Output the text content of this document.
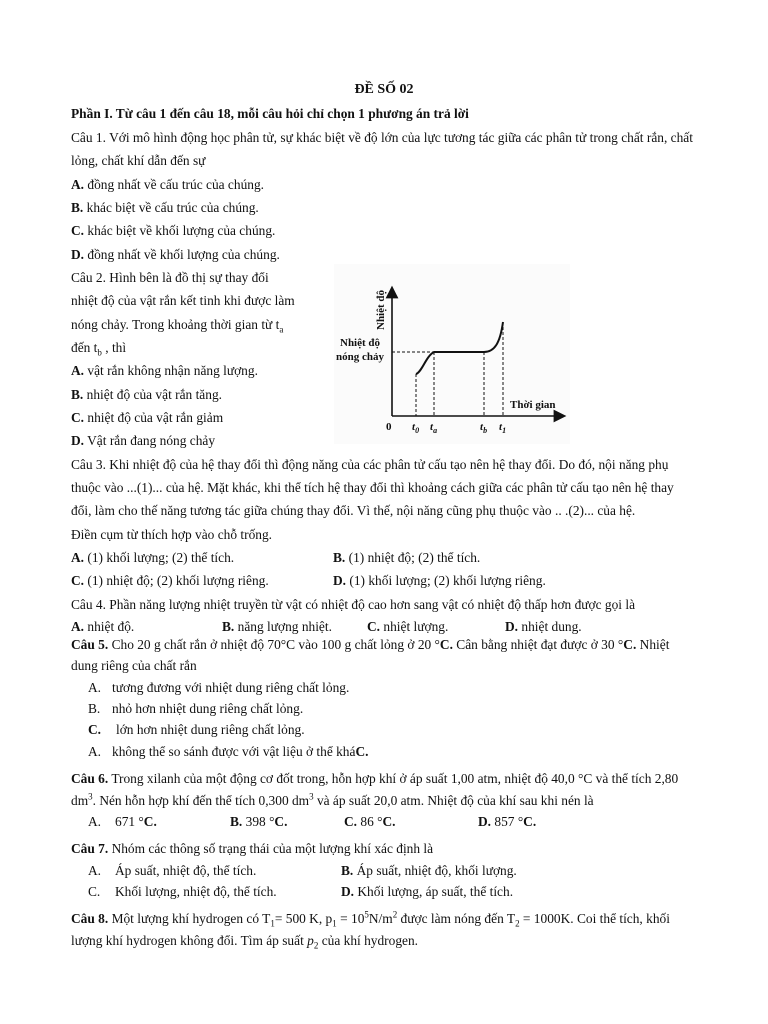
ĐỀ SỐ 02
Phần I. Từ câu 1 đến câu 18, mỗi câu hỏi chỉ chọn 1 phương án trả lời
Câu 1. Với mô hình động học phân tử, sự khác biệt về độ lớn của lực tương tác giữa các phân tử trong chất rắn, chất
lỏng, chất khí dẫn đến sự
A. đồng nhất về cấu trúc của chúng.
B. khác biệt về cấu trúc của chúng.
C. khác biệt về khối lượng của chúng.
D. đồng nhất về khối lượng của chúng.
Câu 2. Hình bên là đồ thị sự thay đổi
nhiệt độ của vật rắn kết tinh khi được làm
nóng chảy. Trong khoảng thời gian từ $t_a$
đến $t_b$ , thì
A. vật rắn không nhận năng lượng.
B. nhiệt độ của vật rắn tăng.
C. nhiệt độ của vật rắn giảm
D. Vật rắn đang nóng chảy
Nhiệt độ
Nhiệt độ
nóng chảy
Thời gian
0 $t_0$ $t_a$	$t_b$ $t_1$
Câu 3. Khi nhiệt độ của hệ thay đổi thì động năng của các phân tử cấu tạo nên hệ thay đổi. Do đó, nội năng phụ
thuộc vào ...(1)... của hệ. Mặt khác, khi thể tích hệ thay đổi thì khoảng cách giữa các phân tử cấu tạo nên hệ thay
đổi, làm cho thế năng tương tác giữa chúng thay đổi. Vì thế, nội năng cũng phụ thuộc vào .. .(2)... của hệ.
Điền cụm từ thích hợp vào chỗ trống.
A. (1) khối lượng; (2) thể tích.	B. (1) nhiệt độ; (2) thể tích.
C. (1) nhiệt độ; (2) khối lượng riêng.	D. (1) khối lượng; (2) khối lượng riêng.
Câu 4. Phần năng lượng nhiệt truyền từ vật có nhiệt độ cao hơn sang vật có nhiệt độ thấp hơn được gọi là
A. nhiệt độ.	B. năng lượng nhiệt.	C. nhiệt lượng.	D. nhiệt dung.
Câu 5. Cho 20 g chất rắn ở nhiệt độ 70°C vào 100 g chất lỏng ở 20 °C. Cân bằng nhiệt đạt được ở 30 °C. Nhiệt
dung riêng của chất rắn
A. tương đương với nhiệt dung riêng chất lỏng.
B. nhỏ hơn nhiệt dung riêng chất lỏng.
C. lớn hơn nhiệt dung riêng chất lỏng.
A. không thể so sánh được với vật liệu ở thể kháC.
Câu 6. Trong xilanh của một động cơ đốt trong, hỗn hợp khí ở áp suất 1,00 atm, nhiệt độ 40,0 °C và thể tích 2,80
$dm^3$. Nén hỗn hợp khí đến thể tích 0,300 $dm^3$ và áp suất 20,0 atm. Nhiệt độ của khí sau khi nén là
A. 671 °C.	B. 398 °C.	C. 86 °C.	D. 857 °C.
Câu 7. Nhóm các thông số trạng thái của một lượng khí xác định là
A. Áp suất, nhiệt độ, thể tích.	B. Áp suất, nhiệt độ, khối lượng.
C. Khối lượng, nhiệt độ, thể tích.	D. Khối lượng, áp suất, thể tích.
Câu 8. Một lượng khí hydrogen có $T_1= 500$ K, $p_1 = 10^5N/m^2$ được làm nóng đến $T_2 = 1000K$. Coi thể tích, khối
lượng khí hydrogen không đổi. Tìm áp suất $p_2$ của khí hydrogen.
